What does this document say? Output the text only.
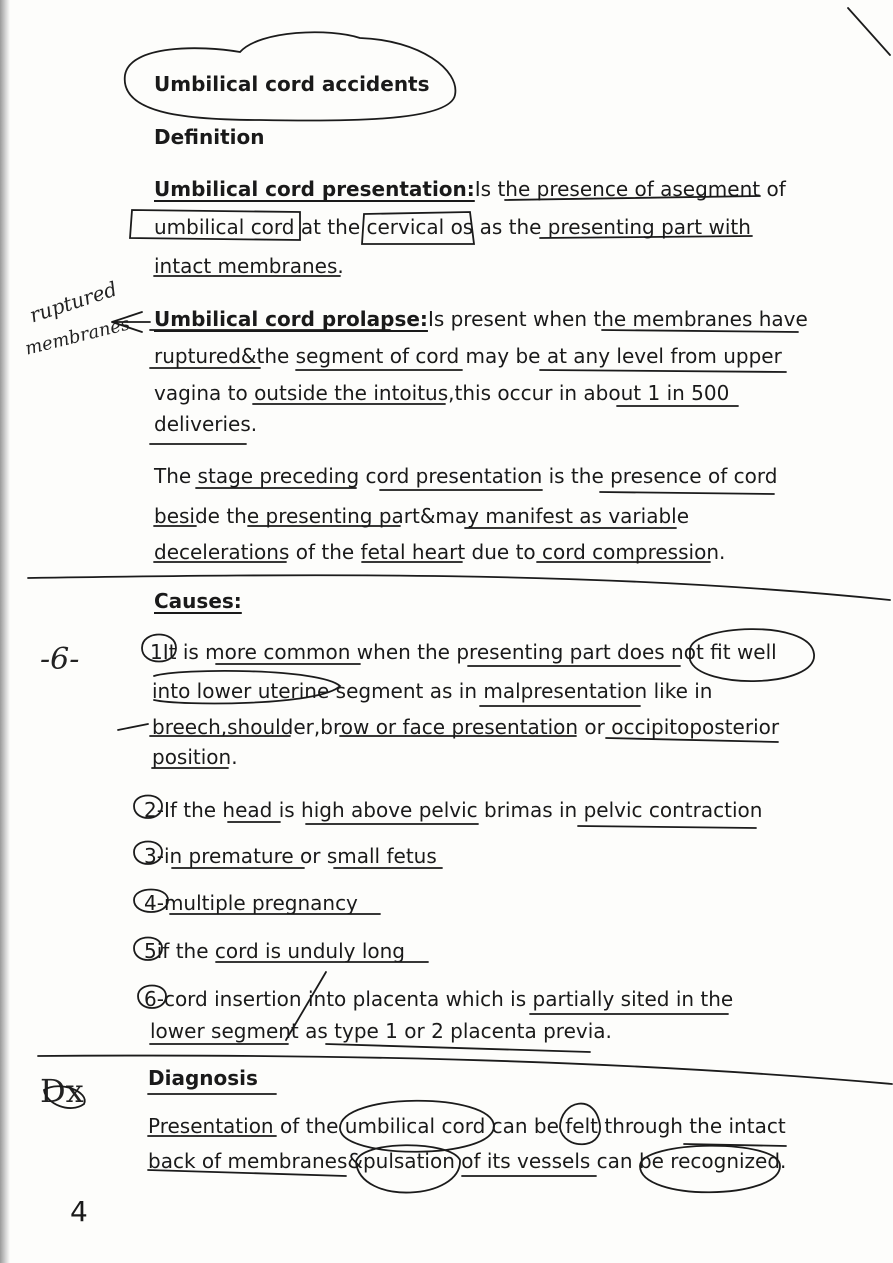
Umbilical cord accidents
Definition
Umbilical cord presentation:Is the presence of asegment of
umbilical cord at the cervical os as the presenting part with
intact membranes.
Umbilical cord prolapse:Is present when the membranes have
ruptured&the segment of cord may be at any level from upper
vagina to outside the intoitus,this occur in about 1 in 500
deliveries.
The stage preceding cord presentation is the presence of cord
beside the presenting part&may manifest as variable
decelerations of the fetal heart due to cord compression.
Causes:
1It is more common when the presenting part does not fit well
into lower uterine segment as in malpresentation like in
breech,shoulder,brow or face presentation or occipitoposterior
position.
2-If the head is high above pelvic brimas in pelvic contraction
3-in premature or small fetus
4-multiple pregnancy
5if the cord is unduly long
6-cord insertion into placenta which is partially sited in the
lower segment as type 1 or 2 placenta previa.
Diagnosis
Presentation of the umbilical cord can be felt through the intact
back of membranes&pulsation of its vessels can be recognized.
ruptured
membranes
-6-
Dx
4
